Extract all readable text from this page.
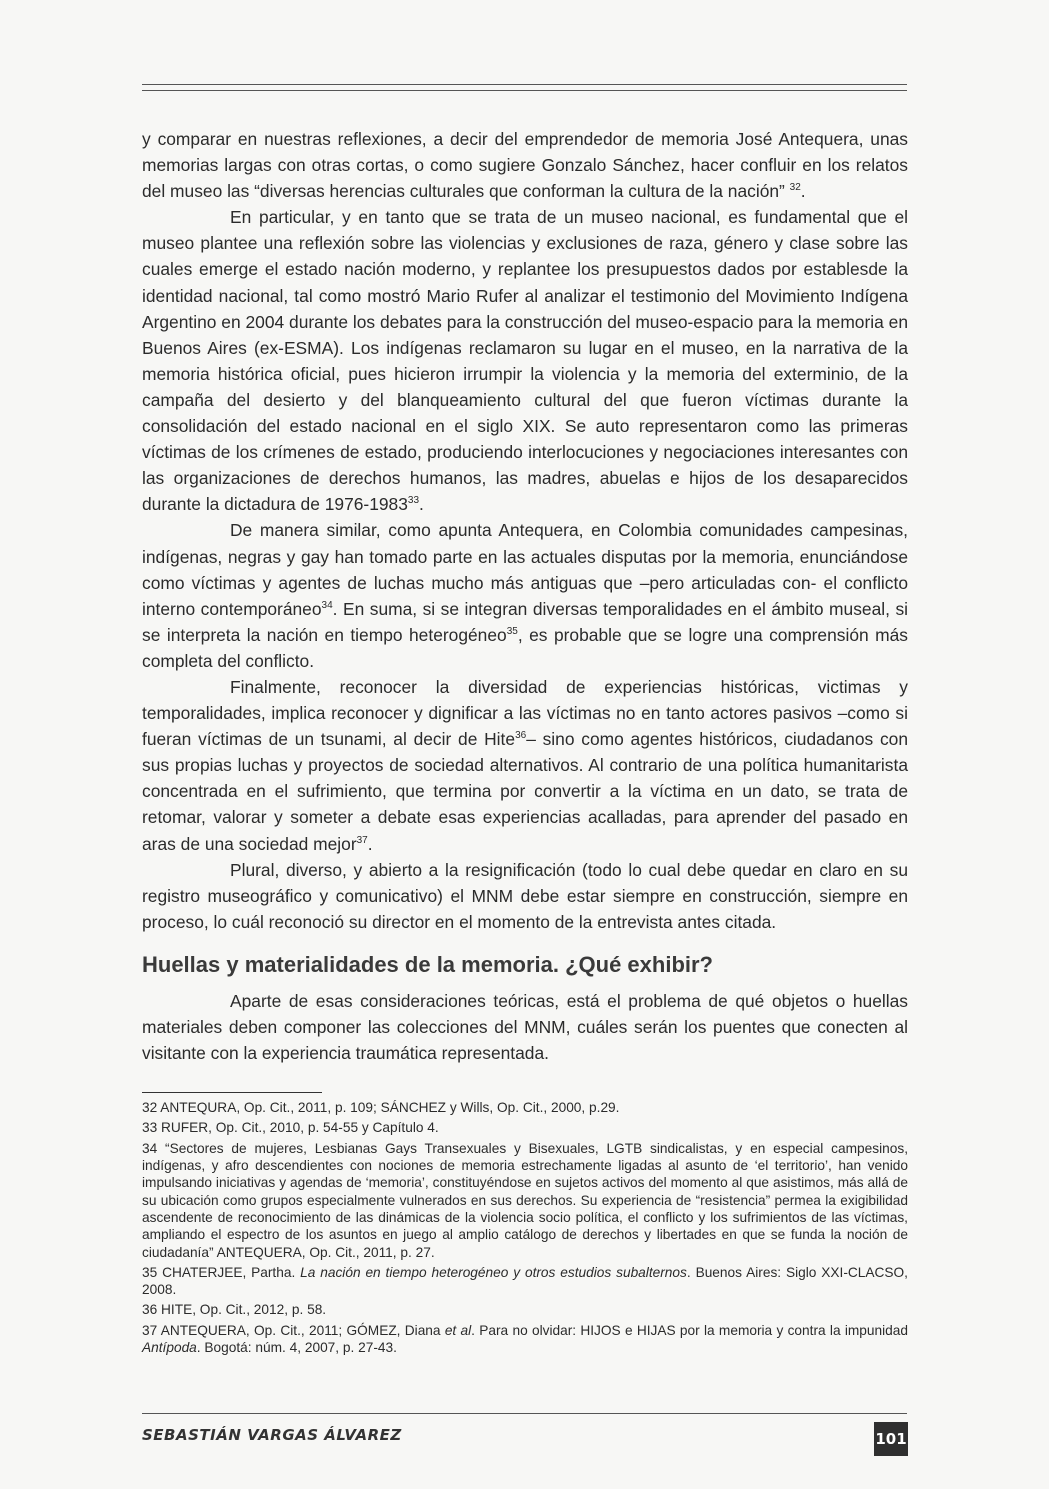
y comparar en nuestras reflexiones, a decir del emprendedor de memoria José Antequera, unas memorias largas con otras cortas, o como sugiere Gonzalo Sánchez, hacer confluir en los relatos del museo las “diversas herencias culturales que conforman la cultura de la nación” $^{32}$.

En particular, y en tanto que se trata de un museo nacional, es fundamental que el museo plantee una reflexión sobre las violencias y exclusiones de raza, género y clase sobre las cuales emerge el estado nación moderno, y replantee los presupuestos dados por establesde la identidad nacional, tal como mostró Mario Rufer al analizar el testimonio del Movimiento Indígena Argentino en 2004 durante los debates para la construcción del museo-espacio para la memoria en Buenos Aires (ex-ESMA). Los indígenas reclamaron su lugar en el museo, en la narrativa de la memoria histórica oficial, pues hicieron irrumpir la violencia y la memoria del exterminio, de la campaña del desierto y del blanqueamiento cultural del que fueron víctimas durante la consolidación del estado nacional en el siglo XIX. Se auto representaron como las primeras víctimas de los crímenes de estado, produciendo interlocuciones y negociaciones interesantes con las organizaciones de derechos humanos, las madres, abuelas e hijos de los desaparecidos durante la dictadura de 1976-1983$^{33}$.

De manera similar, como apunta Antequera, en Colombia comunidades campesinas, indígenas, negras y gay han tomado parte en las actuales disputas por la memoria, enunciándose como víctimas y agentes de luchas mucho más antiguas que –pero articuladas con- el conflicto interno contemporáneo$^{34}$. En suma, si se integran diversas temporalidades en el ámbito museal, si se interpreta la nación en tiempo heterogéneo$^{35}$, es probable que se logre una comprensión más completa del conflicto.

Finalmente, reconocer la diversidad de experiencias históricas, victimas y temporalidades, implica reconocer y dignificar a las víctimas no en tanto actores pasivos –como si fueran víctimas de un tsunami, al decir de Hite$^{36}$– sino como agentes históricos, ciudadanos con sus propias luchas y proyectos de sociedad alternativos. Al contrario de una política humanitarista concentrada en el sufrimiento, que termina por convertir a la víctima en un dato, se trata de retomar, valorar y someter a debate esas experiencias acalladas, para aprender del pasado en aras de una sociedad mejor$^{37}$.

Plural, diverso, y abierto a la resignificación (todo lo cual debe quedar en claro en su registro museográfico y comunicativo) el MNM debe estar siempre en construcción, siempre en proceso, lo cuál reconoció su director en el momento de la entrevista antes citada.

Huellas y materialidades de la memoria. ¿Qué exhibir?

Aparte de esas consideraciones teóricas, está el problema de qué objetos o huellas materiales deben componer las colecciones del MNM, cuáles serán los puentes que conecten al visitante con la experiencia traumática representada.

32 ANTEQURA, Op. Cit., 2011, p. 109; SÁNCHEZ y Wills, Op. Cit., 2000, p.29.

33 RUFER, Op. Cit., 2010, p. 54-55 y Capítulo 4.

34 “Sectores de mujeres, Lesbianas Gays Transexuales y Bisexuales, LGTB sindicalistas, y en especial campesinos, indígenas, y afro descendientes con nociones de memoria estrechamente ligadas al asunto de ‘el territorio’, han venido impulsando iniciativas y agendas de ‘memoria’, constituyéndose en sujetos activos del momento al que asistimos, más allá de su ubicación como grupos especialmente vulnerados en sus derechos. Su experiencia de “resistencia” permea la exigibilidad ascendente de reconocimiento de las dinámicas de la violencia socio política, el conflicto y los sufrimientos de las víctimas, ampliando el espectro de los asuntos en juego al amplio catálogo de derechos y libertades en que se funda la noción de ciudadanía” ANTEQUERA, Op. Cit., 2011, p. 27.

35 CHATERJEE, Partha. La nación en tiempo heterogéneo y otros estudios subalternos. Buenos Aires: Siglo XXI-CLACSO, 2008.

36 HITE, Op. Cit., 2012, p. 58.

37 ANTEQUERA, Op. Cit., 2011; GÓMEZ, Diana et al. Para no olvidar: HIJOS e HIJAS por la memoria y contra la impunidad Antípoda. Bogotá: núm. 4, 2007, p. 27-43.

SEBASTIÁN VARGAS ÁLVAREZ	101
